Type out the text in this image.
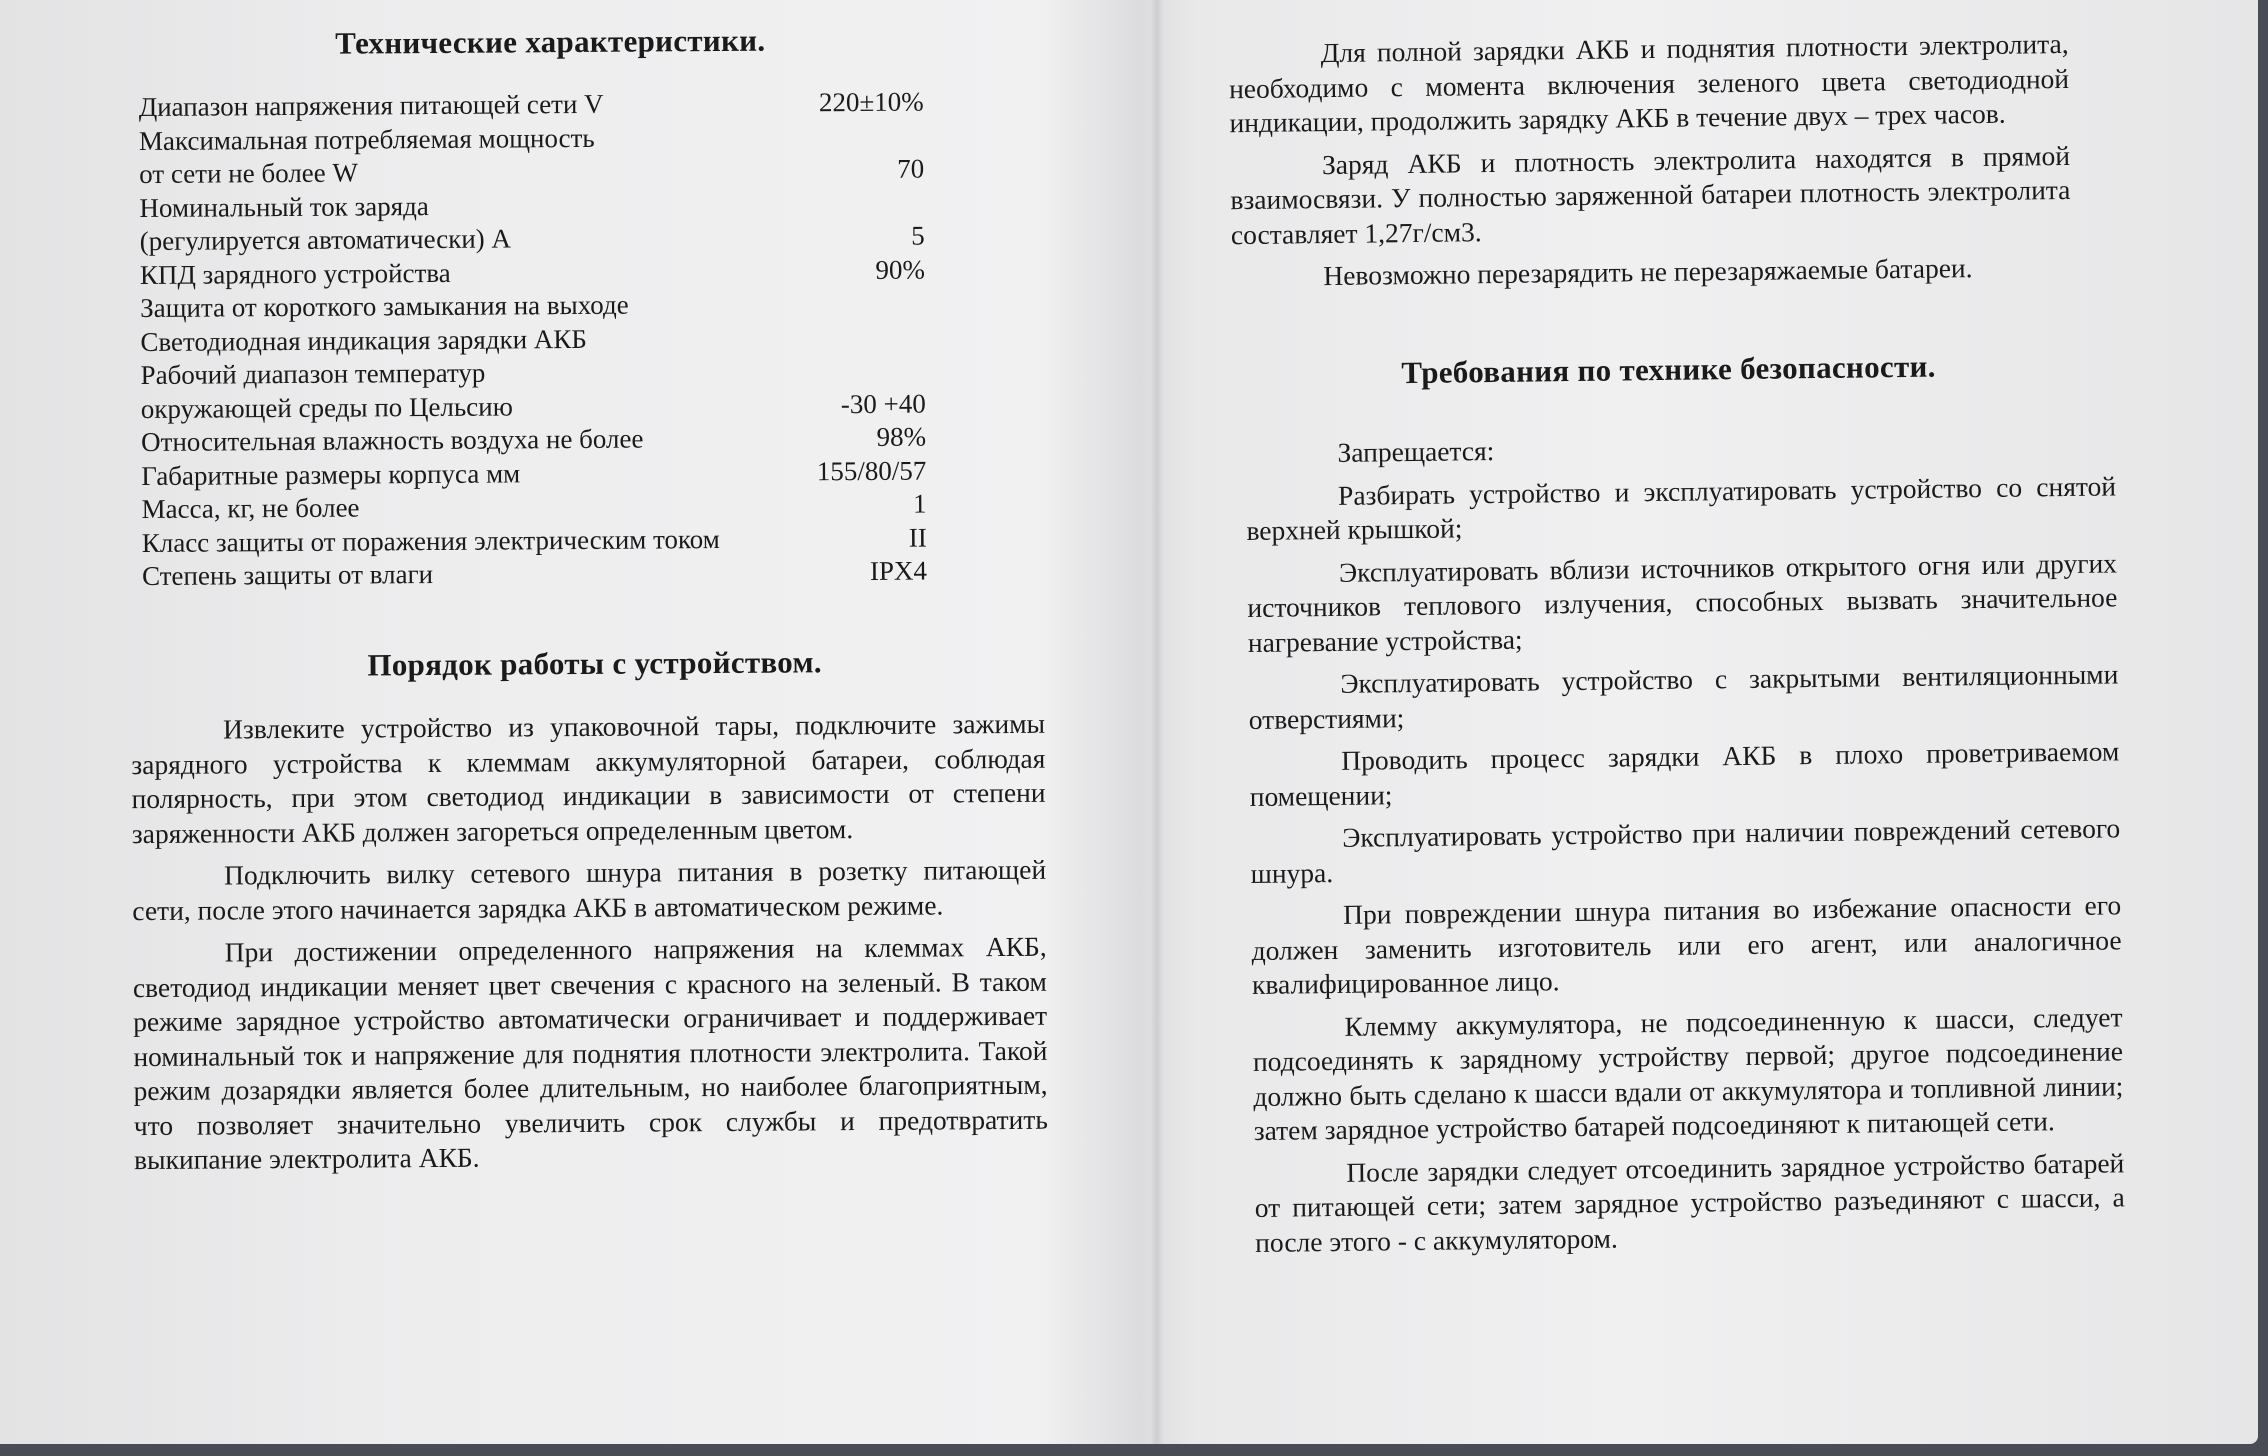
Технические характеристики.
Диапазон напряжения питающей сети V	220±10%
Максимальная потребляемая мощность
от сети не более W	70
Номинальный ток заряда
(регулируется автоматически) А	5
КПД зарядного устройства	90%
Защита от короткого замыкания на выходе
Светодиодная индикация зарядки АКБ
Рабочий диапазон температур
окружающей среды по Цельсию	-30 +40
Относительная влажность воздуха не более	98%
Габаритные размеры корпуса мм	155/80/57
Масса, кг, не более	1
Класс защиты от поражения электрическим током	II
Степень защиты от влаги	IPX4
Порядок работы с устройством.

Извлеките устройство из упаковочной тары, подключите зажимы зарядного устройства к клеммам аккумуляторной батареи, соблюдая полярность, при этом светодиод индикации в зависимости от степени заряженности АКБ должен загореться определенным цветом.

Подключить вилку сетевого шнура питания в розетку питающей сети, после этого начинается зарядка АКБ в автоматическом режиме.

При достижении определенного напряжения на клеммах АКБ, светодиод индикации меняет цвет свечения с красного на зеленый. В таком режиме зарядное устройство автоматически ограничивает и поддерживает номинальный ток и напряжение для поднятия плотности электролита. Такой режим дозарядки является более длительным, но наиболее благоприятным, что позволяет значительно увеличить срок службы и предотвратить выкипание электролита АКБ.

Для полной зарядки АКБ и поднятия плотности электролита, необходимо с момента включения зеленого цвета светодиодной индикации, продолжить зарядку АКБ в течение двух – трех часов.

Заряд АКБ и плотность электролита находятся в прямой взаимосвязи. У полностью заряженной батареи плотность электролита составляет 1,27г/см3.

Невозможно перезарядить не перезаряжаемые батареи.

Требования по технике безопасности.

Запрещается:

Разбирать устройство и эксплуатировать устройство со снятой верхней крышкой;

Эксплуатировать вблизи источников открытого огня или других источников теплового излучения, способных вызвать значительное нагревание устройства;

Эксплуатировать устройство с закрытыми вентиляционными отверстиями;

Проводить процесс зарядки АКБ в плохо проветриваемом помещении;

Эксплуатировать устройство при наличии повреждений сетевого шнура.

При повреждении шнура питания во избежание опасности его должен заменить изготовитель или его агент, или аналогичное квалифицированное лицо.

Клемму аккумулятора, не подсоединенную к шасси, следует подсоединять к зарядному устройству первой; другое подсоединение должно быть сделано к шасси вдали от аккумулятора и топливной линии; затем зарядное устройство батарей подсоединяют к питающей сети.

После зарядки следует отсоединить зарядное устройство батарей от питающей сети; затем зарядное устройство разъединяют с шасси, а после этого - с аккумулятором.
